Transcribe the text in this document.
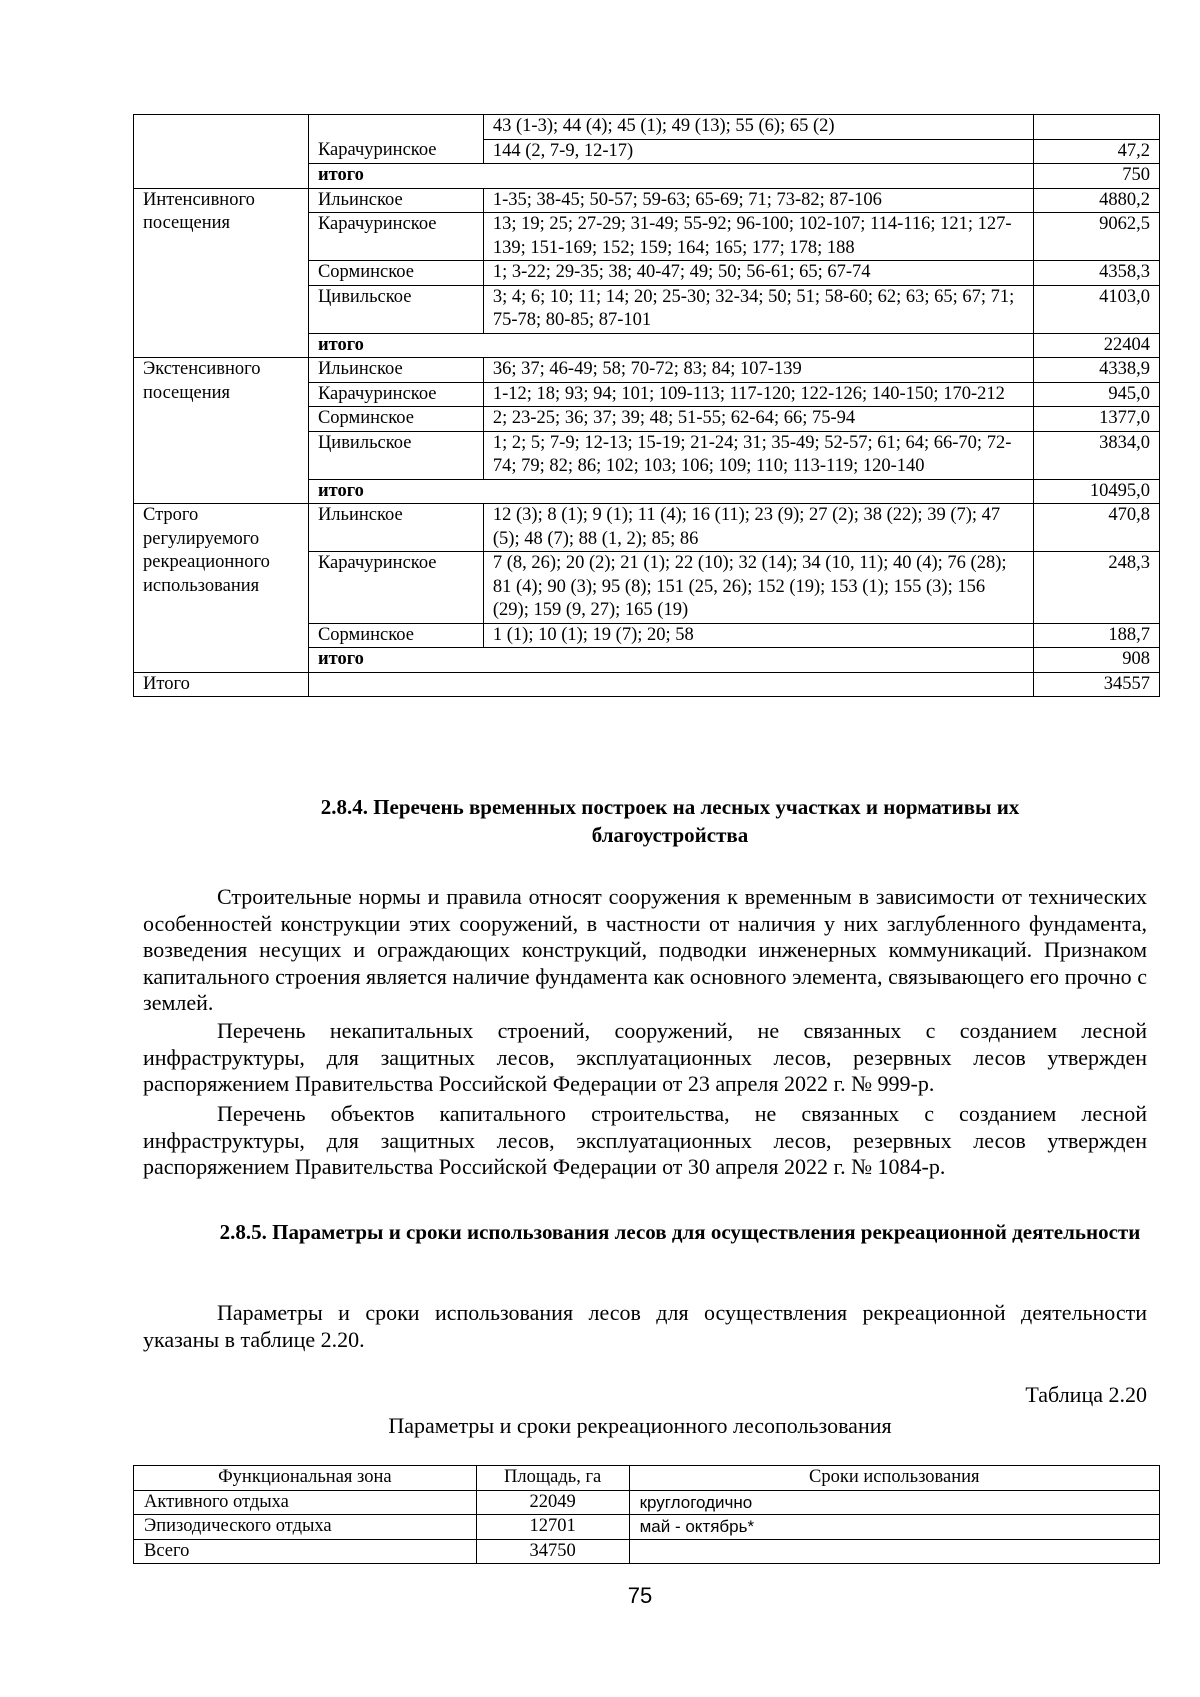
		43 (1-3); 44 (4); 45 (1); 49 (13); 55 (6); 65 (2)	
	Карачуринское	144 (2, 7-9, 12-17)	47,2
	итого		750
Интенсивного посещения	Ильинское	1-35; 38-45; 50-57; 59-63; 65-69; 71; 73-82; 87-106	4880,2
	Карачуринское	13; 19; 25; 27-29; 31-49; 55-92; 96-100; 102-107; 114-116; 121; 127-139; 151-169; 152; 159; 164; 165; 177; 178; 188	9062,5
	Сорминское	1; 3-22; 29-35; 38; 40-47; 49; 50; 56-61; 65; 67-74	4358,3
	Цивильское	3; 4; 6; 10; 11; 14; 20; 25-30; 32-34; 50; 51; 58-60; 62; 63; 65; 67; 71; 75-78; 80-85; 87-101	4103,0
	итого		22404
Экстенсивного посещения	Ильинское	36; 37; 46-49; 58; 70-72; 83; 84; 107-139	4338,9
	Карачуринское	1-12; 18; 93; 94; 101; 109-113; 117-120; 122-126; 140-150; 170-212	945,0
	Сорминское	2; 23-25; 36; 37; 39; 48; 51-55; 62-64; 66; 75-94	1377,0
	Цивильское	1; 2; 5; 7-9; 12-13; 15-19; 21-24; 31; 35-49; 52-57; 61; 64; 66-70; 72-74; 79; 82; 86; 102; 103; 106; 109; 110; 113-119; 120-140	3834,0
	итого		10495,0
Строго регулируемого рекреационного использования	Ильинское	12 (3); 8 (1); 9 (1); 11 (4); 16 (11); 23 (9); 27 (2); 38 (22); 39 (7); 47 (5); 48 (7); 88 (1, 2); 85; 86	470,8
	Карачуринское	7 (8, 26); 20 (2); 21 (1); 22 (10); 32 (14); 34 (10, 11); 40 (4); 76 (28); 81 (4); 90 (3); 95 (8); 151 (25, 26); 152 (19); 153 (1); 155 (3); 156 (29); 159 (9, 27); 165 (19)	248,3
	Сорминское	1 (1); 10 (1); 19 (7); 20; 58	188,7
	итого		908
Итого			34557
2.8.4. Перечень временных построек на лесных участках и нормативы их благоустройства

Строительные нормы и правила относят сооружения к временным в зависимости от технических особенностей конструкции этих сооружений, в частности от наличия у них заглубленного фундамента, возведения несущих и ограждающих конструкций, подводки инженерных коммуникаций. Признаком капитального строения является наличие фундамента как основного элемента, связывающего его прочно с землей.

Перечень некапитальных строений, сооружений, не связанных с созданием лесной инфраструктуры, для защитных лесов, эксплуатационных лесов, резервных лесов утвержден распоряжением Правительства Российской Федерации от 23 апреля 2022 г. № 999-р.

Перечень объектов капитального строительства, не связанных с созданием лесной инфраструктуры, для защитных лесов, эксплуатационных лесов, резервных лесов утвержден распоряжением Правительства Российской Федерации от 30 апреля 2022 г. № 1084-р.

2.8.5. Параметры и сроки использования лесов для осуществления рекреационной деятельности

Параметры и сроки использования лесов для осуществления рекреационной деятельности указаны в таблице 2.20.

Таблица 2.20
Параметры и сроки рекреационного лесопользования
Функциональная зона	Площадь, га	Сроки использования
Активного отдыха	22049	круглогодично
Эпизодического отдыха	12701	май - октябрь*
Всего	34750	
75
